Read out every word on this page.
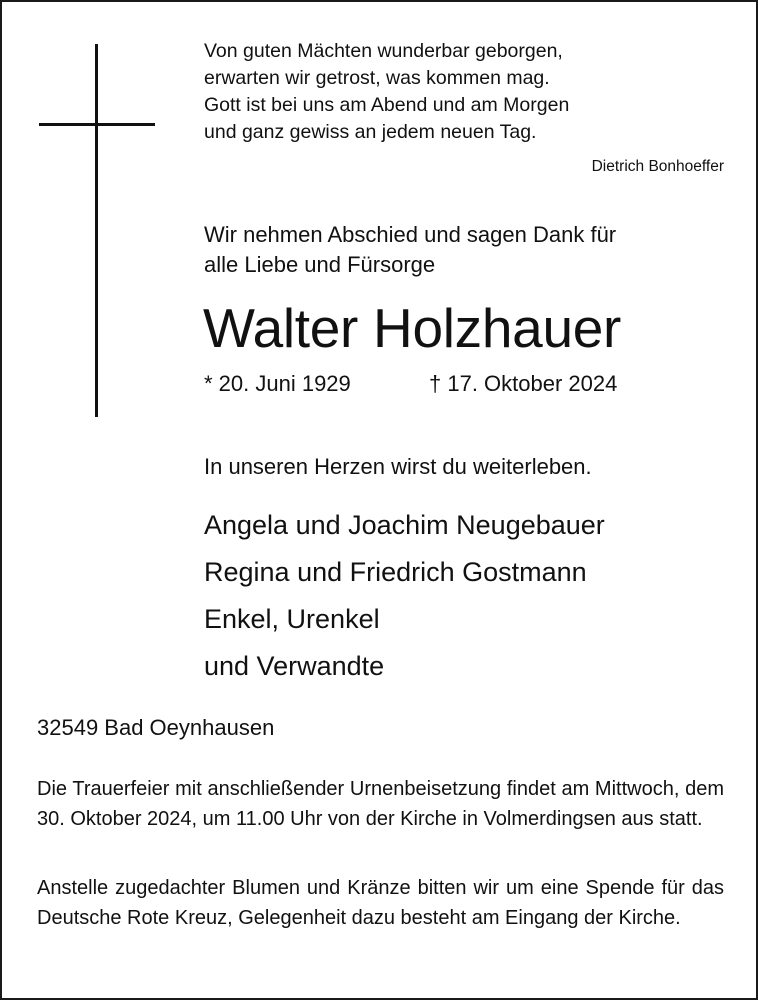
Von guten Mächten wunderbar geborgen,
erwarten wir getrost, was kommen mag.
Gott ist bei uns am Abend und am Morgen
und ganz gewiss an jedem neuen Tag.
Dietrich Bonhoeffer
Wir nehmen Abschied und sagen Dank für
alle Liebe und Fürsorge
Walter Holzhauer
* 20. Juni 1929	† 17. Oktober 2024
In unseren Herzen wirst du weiterleben.
Angela und Joachim Neugebauer
Regina und Friedrich Gostmann
Enkel, Urenkel
und Verwandte
32549 Bad Oeynhausen
Die Trauerfeier mit anschließender Urnenbeisetzung findet am Mittwoch, dem 30. Oktober 2024, um 11.00 Uhr von der Kirche in Volmerdingsen aus statt.
Anstelle zugedachter Blumen und Kränze bitten wir um eine Spende für das Deutsche Rote Kreuz, Gelegenheit dazu besteht am Eingang der Kirche.
